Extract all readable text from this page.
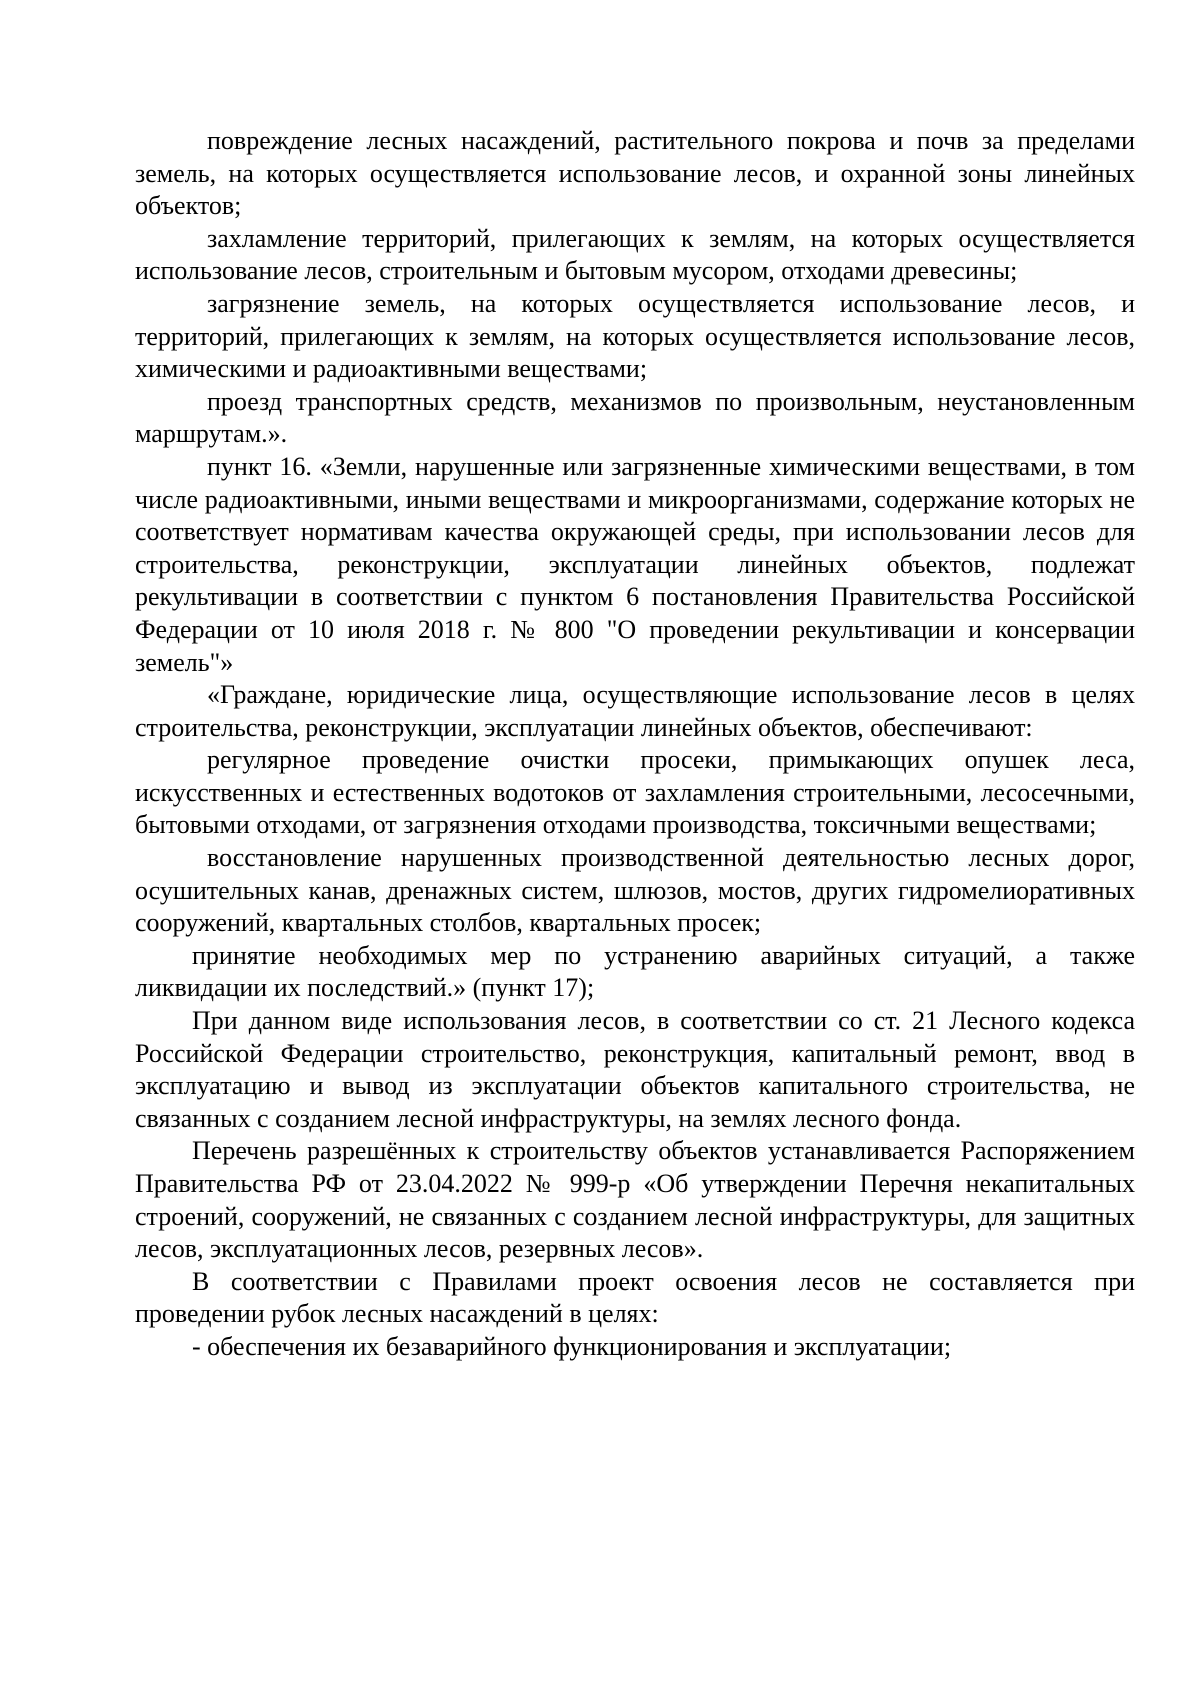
повреждение лесных насаждений, растительного покрова и почв за пределами земель, на которых осуществляется использование лесов, и охранной зоны линейных объектов;

захламление территорий, прилегающих к землям, на которых осуществляется использование лесов, строительным и бытовым мусором, отходами древесины;

загрязнение земель, на которых осуществляется использование лесов, и территорий, прилегающих к землям, на которых осуществляется использование лесов, химическими и радиоактивными веществами;

проезд транспортных средств, механизмов по произвольным, неустановленным маршрутам.».

пункт 16. «Земли, нарушенные или загрязненные химическими веществами, в том числе радиоактивными, иными веществами и микроорганизмами, содержание которых не соответствует нормативам качества окружающей среды, при использовании лесов для строительства, реконструкции, эксплуатации линейных объектов, подлежат рекультивации в соответствии с пунктом 6 постановления Правительства Российской Федерации от 10 июля 2018 г. № 800 "О проведении рекультивации и консервации земель"»

«Граждане, юридические лица, осуществляющие использование лесов в целях строительства, реконструкции, эксплуатации линейных объектов, обеспечивают:

регулярное проведение очистки просеки, примыкающих опушек леса, искусственных и естественных водотоков от захламления строительными, лесосечными, бытовыми отходами, от загрязнения отходами производства, токсичными веществами;

восстановление нарушенных производственной деятельностью лесных дорог, осушительных канав, дренажных систем, шлюзов, мостов, других гидромелиоративных сооружений, квартальных столбов, квартальных просек;

принятие необходимых мер по устранению аварийных ситуаций, а также ликвидации их последствий.» (пункт 17);

При данном виде использования лесов, в соответствии со ст. 21 Лесного кодекса Российской Федерации строительство, реконструкция, капитальный ремонт, ввод в эксплуатацию и вывод из эксплуатации объектов капитального строительства, не связанных с созданием лесной инфраструктуры, на землях лесного фонда.

Перечень разрешённых к строительству объектов устанавливается Распоряжением Правительства РФ от 23.04.2022 № 999-р «Об утверждении Перечня некапитальных строений, сооружений, не связанных с созданием лесной инфраструктуры, для защитных лесов, эксплуатационных лесов, резервных лесов».

В соответствии с Правилами проект освоения лесов не составляется при проведении рубок лесных насаждений в целях:

- обеспечения их безаварийного функционирования и эксплуатации;
